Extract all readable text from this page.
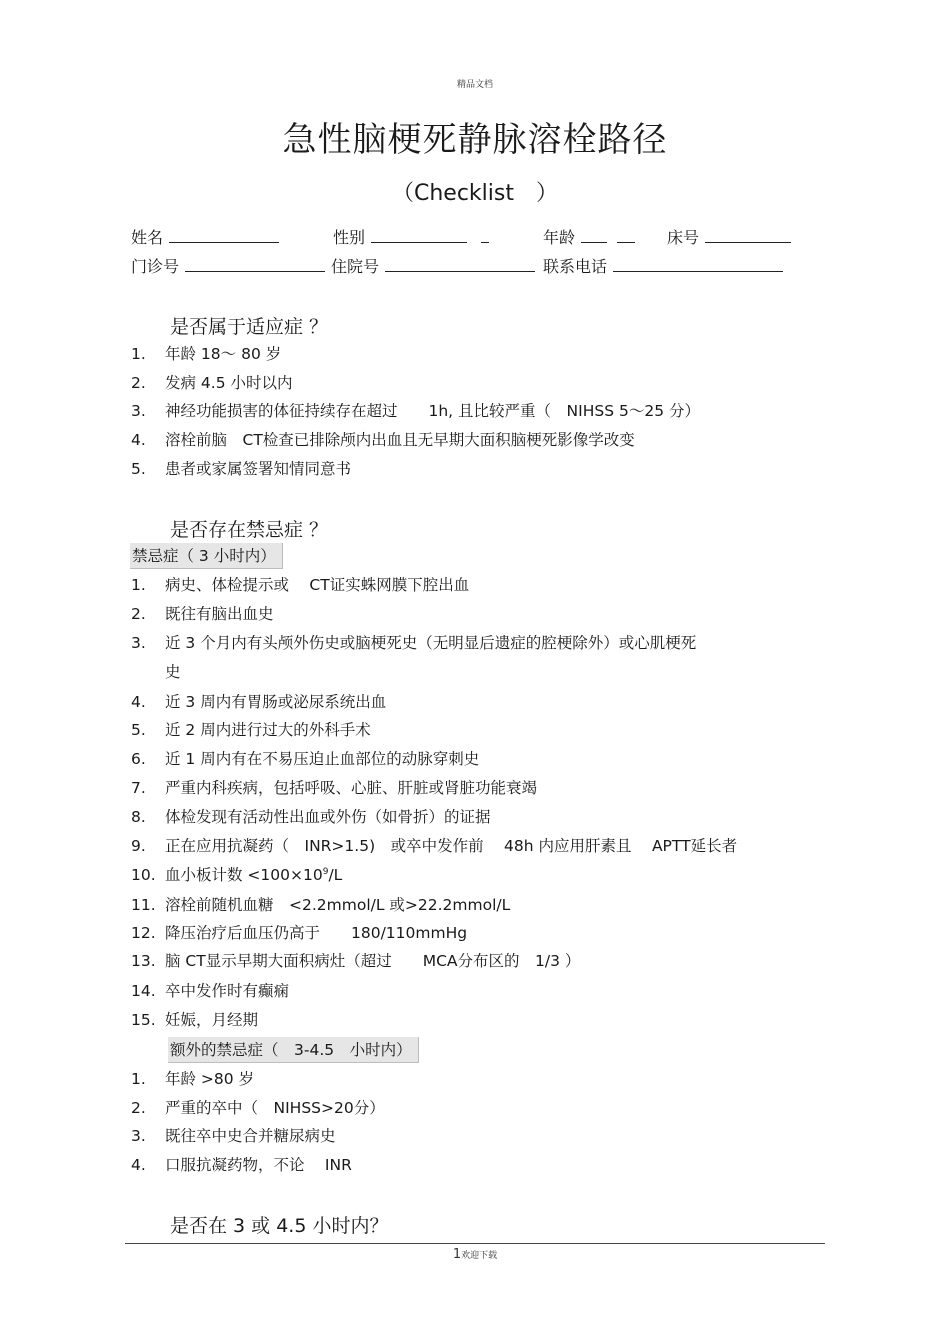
精品文档
急性脑梗死静脉溶栓路径
（Checklist　）
姓名	性别	年龄	床号
门诊号	住院号	联系电话
是否属于适应症 ？
1. 年龄 18～ 80 岁
2. 发病 4.5 小时以内
3. 神经功能损害的体征持续存在超过　　1h, 且比较严重（　NIHSS 5～25 分）
4. 溶栓前脑　CT检查已排除颅内出血且无早期大面积脑梗死影像学改变
5. 患者或家属签署知情同意书
是否存在禁忌症 ？
禁忌症（ 3 小时内）
1. 病史、体检提示或　 CT证实蛛网膜下腔出血
2. 既往有脑出血史
3. 近 3 个月内有头颅外伤史或脑梗死史（无明显后遗症的腔梗除外）或心肌梗死
史
4. 近 3 周内有胃肠或泌尿系统出血
5. 近 2 周内进行过大的外科手术
6. 近 1 周内有在不易压迫止血部位的动脉穿刺史
7. 严重内科疾病，包括呼吸、心脏、肝脏或肾脏功能衰竭
8. 体检发现有活动性出血或外伤（如骨折）的证据
9. 正在应用抗凝药（　INR>1.5)　或卒中发作前　 48h 内应用肝素且　 APTT延长者
10. 血小板计数 $<100\times 10^9/L$
11. 溶栓前随机血糖　<2.2mmol/L 或>22.2mmol/L
12. 降压治疗后血压仍高于　　180/110mmHg
13. 脑 CT显示早期大面积病灶（超过　　MCA分布区的　1/3 ）
14. 卒中发作时有癫痫
15. 妊娠，月经期
额外的禁忌症（　3-4.5　小时内）
1. 年龄 >80 岁
2. 严重的卒中（　NIHSS>20分）
3. 既往卒中史合并糖尿病史
4. 口服抗凝药物，不论　 INR
是否在 3 或 4.5 小时内？
1欢迎下载
